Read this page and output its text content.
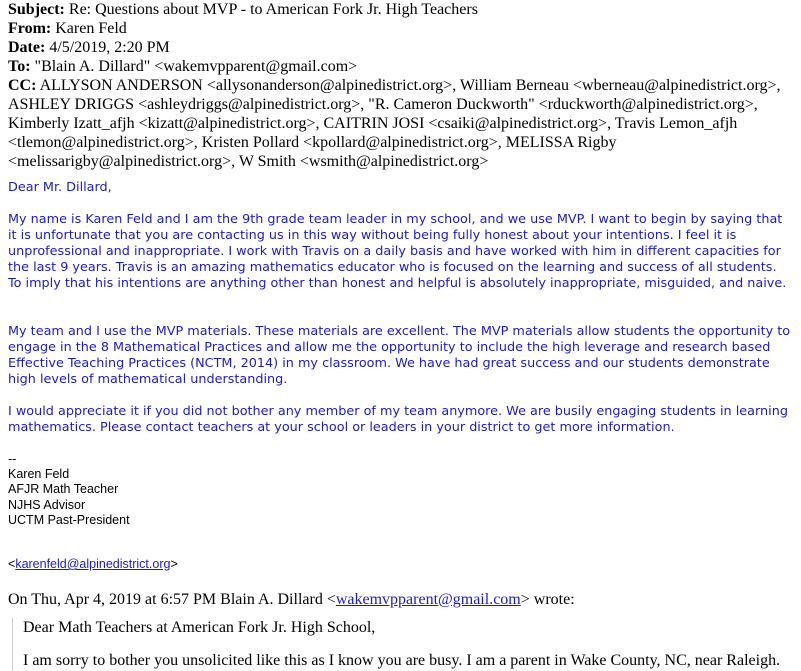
Subject: Re: Questions about MVP - to American Fork Jr. High Teachers
From: Karen Feld
Date: 4/5/2019, 2:20 PM
To: "Blain A. Dillard" <wakemvpparent@gmail.com>
CC: ALLYSON ANDERSON <allysonanderson@alpinedistrict.org>, William Berneau <wberneau@alpinedistrict.org>,
ASHLEY DRIGGS <ashleydriggs@alpinedistrict.org>, "R. Cameron Duckworth" <rduckworth@alpinedistrict.org>,
Kimberly Izatt_afjh <kizatt@alpinedistrict.org>, CAITRIN JOSI <csaiki@alpinedistrict.org>, Travis Lemon_afjh
<tlemon@alpinedistrict.org>, Kristen Pollard <kpollard@alpinedistrict.org>, MELISSA Rigby
<melissarigby@alpinedistrict.org>, W Smith <wsmith@alpinedistrict.org>

Dear Mr. Dillard,

My name is Karen Feld and I am the 9th grade team leader in my school, and we use MVP. I want to begin by saying that it is unfortunate that you are contacting us in this way without being fully honest about your intentions. I feel it is unprofessional and inappropriate. I work with Travis on a daily basis and have worked with him in different capacities for the last 9 years. Travis is an amazing mathematics educator who is focused on the learning and success of all students. To imply that his intentions are anything other than honest and helpful is absolutely inappropriate, misguided, and naive.

My team and I use the MVP materials. These materials are excellent. The MVP materials allow students the opportunity to engage in the 8 Mathematical Practices and allow me the opportunity to include the high leverage and research based Effective Teaching Practices (NCTM, 2014) in my classroom. We have had great success and our students demonstrate high levels of mathematical understanding.

I would appreciate it if you did not bother any member of my team anymore. We are busily engaging students in learning mathematics. Please contact teachers at your school or leaders in your district to get more information.

--
Karen Feld
AFJR Math Teacher
NJHS Advisor
UCTM Past-President
<karenfeld@alpinedistrict.org>
On Thu, Apr 4, 2019 at 6:57 PM Blain A. Dillard <wakemvpparent@gmail.com> wrote:
Dear Math Teachers at American Fork Jr. High School,
I am sorry to bother you unsolicited like this as I know you are busy. I am a parent in Wake County, NC, near Raleigh.
